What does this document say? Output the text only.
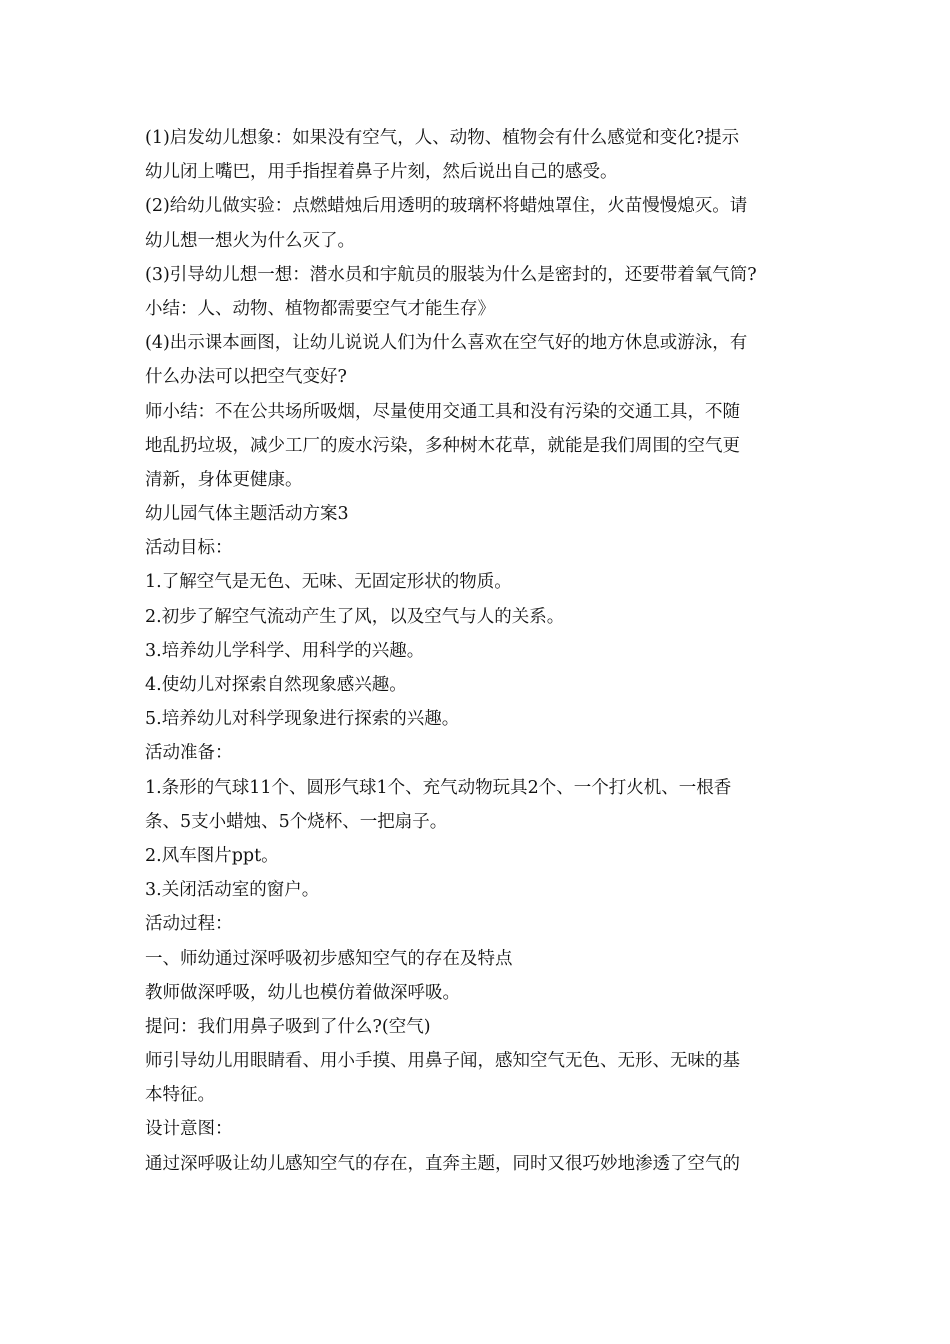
(1)启发幼儿想象：如果没有空气，人、动物、植物会有什么感觉和变化?提示
幼儿闭上嘴巴，用手指捏着鼻子片刻，然后说出自己的感受。
(2)给幼儿做实验：点燃蜡烛后用透明的玻璃杯将蜡烛罩住，火苗慢慢熄灭。请
幼儿想一想火为什么灭了。
(3)引导幼儿想一想：潜水员和宇航员的服装为什么是密封的，还要带着氧气筒?
小结：人、动物、植物都需要空气才能生存》
(4)出示课本画图，让幼儿说说人们为什么喜欢在空气好的地方休息或游泳，有
什么办法可以把空气变好?
师小结：不在公共场所吸烟，尽量使用交通工具和没有污染的交通工具，不随
地乱扔垃圾，减少工厂的废水污染，多种树木花草，就能是我们周围的空气更
清新，身体更健康。
幼儿园气体主题活动方案3
活动目标：
1.了解空气是无色、无味、无固定形状的物质。
2.初步了解空气流动产生了风，以及空气与人的关系。
3.培养幼儿学科学、用科学的兴趣。
4.使幼儿对探索自然现象感兴趣。
5.培养幼儿对科学现象进行探索的兴趣。
活动准备：
1.条形的气球11个、圆形气球1个、充气动物玩具2个、一个打火机、一根香
条、5支小蜡烛、5个烧杯、一把扇子。
2.风车图片ppt。
3.关闭活动室的窗户。
活动过程：
一、师幼通过深呼吸初步感知空气的存在及特点
教师做深呼吸，幼儿也模仿着做深呼吸。
提问：我们用鼻子吸到了什么?(空气)
师引导幼儿用眼睛看、用小手摸、用鼻子闻，感知空气无色、无形、无味的基
本特征。
设计意图：
通过深呼吸让幼儿感知空气的存在，直奔主题，同时又很巧妙地渗透了空气的
